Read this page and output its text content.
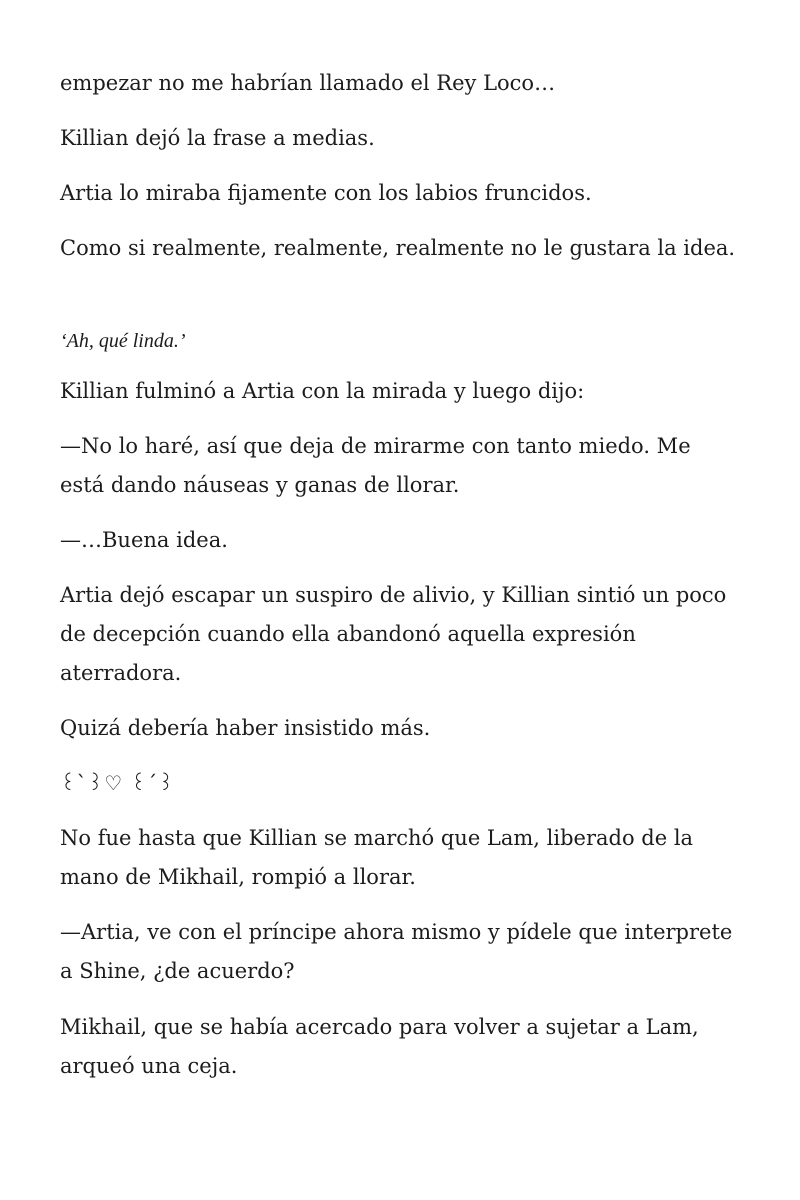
empezar no me habrían llamado el Rey Loco…

Killian dejó la frase a medias.

Artia lo miraba fijamente con los labios fruncidos.

Como si realmente, realmente, realmente no le gustara la idea.

‘Ah, qué linda.’

Killian fulminó a Artia con la mirada y luego dijo:

—No lo haré, así que deja de mirarme con tanto miedo. Me está dando náuseas y ganas de llorar.

—…Buena idea.

Artia dejó escapar un suspiro de alivio, y Killian sintió un poco de decepción cuando ella abandonó aquella expresión aterradora.

Quizá debería haber insistido más.

꒰`꒱♡ ꒰´꒱

No fue hasta que Killian se marchó que Lam, liberado de la mano de Mikhail, rompió a llorar.

—Artia, ve con el príncipe ahora mismo y pídele que interprete a Shine, ¿de acuerdo?

Mikhail, que se había acercado para volver a sujetar a Lam, arqueó una ceja.
